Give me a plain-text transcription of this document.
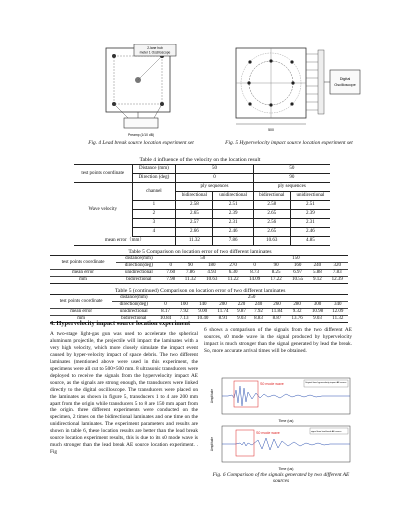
2-lane hub
meter 1 Oscilloscope
Preamp (1/10 dB)
Fig. 4 Lead break source location experiment set
Digital
Oscilloscope
500
Fig. 5 Hypervelocity impact source location experiment set
Table 4 influence of the velocity on the location result
test points coordinate	Distance (mm)	50		50	
	Direction (deg)	0		90	
Wave velocity	channel	ply sequences		ply sequences	
		bidirectional	unidirectional	bidirectional	unidirectional
	1	2.58	2.51	2.58	2.51
	2	2.65	2.39	2.65	2.39
	3	2.57	2.31	2.56	2.31
	4	2.66	2.46	2.65	2.46
mean error（mm）		11.32	7.86	10.63	4.85
Table 5 Comparison on location error of two different laminates
test points coordinate	distance(mm)	50				150				
	direction(deg)	0	90	180	270	0	90	160	240	320
mean error	unidirectional	7.60	7.86	4.93	6.30	8.73	8.25	6.97	5.88	7.83
mm	bidirectional	7.98	11.32	10.63	11.22	14.09	17.22	10.55	9.12	12.39
Table 5 (continued) Comparison on location error of two different laminates
test points coordinate	distance(mm)	250									
	direction(deg)	0	100	140	200	220	240	260	280	300	340
mean error	unidirectional	8.17	7.92	9.00	11.74	9.87	7.92	11.84	9.32	10.98	12.09
mm	bidirectional	10.84	7.13	10.40	8.91	9.03	8.83	8.87	13.76	9.03	11.32
4. Hypervelocity impact source location experiment
A two-stage light-gas gun was used to accelerate the spherical aluminum projectile, the projectile will impact the laminates with a very high velocity, which more closely simulate the impact event caused by hyper-velocity impact of space debris. The two different laminates (mentioned above were used in this experiment, the specimens were all cut to 500×500 mm. 8 ultrasonic transducers were deployed to receive the signals from the hypervelocity impact AE source, as the signals are strong enough, the transducers were linked directly to the digital oscilloscope. The transducers were placed on the laminates as shown in figure 5, transducers 1 to 4 are 200 mm apart from the origin while transducers 5 to 8 are 150 mm apart from the origin. three different experiments were conducted on the specimen, 2 times on the bidirectional laminates and one time on the unidirectional laminates. The experiment parameters and results are shown in table 6, these location results are better than the lead break source location experiment results, this is due to its s0 mode wave is much stronger than the lead break AE source location experiment. . Fig
6 shows a comparison of the signals from the two different AE sources, s0 mode wave in the signal produced by hypervelocity impact is much stronger than the signal generated by lead the break. So, more accurate arrival times will be obtained.
S0 mode wave
S0 mode wave
Original from hypervelocity impact AE source
signal from lead break AE source
Time (us)
Time (us)
Amplitude
Amplitude
Fig. 6 Comparison of the signals generated by two different AE sources
